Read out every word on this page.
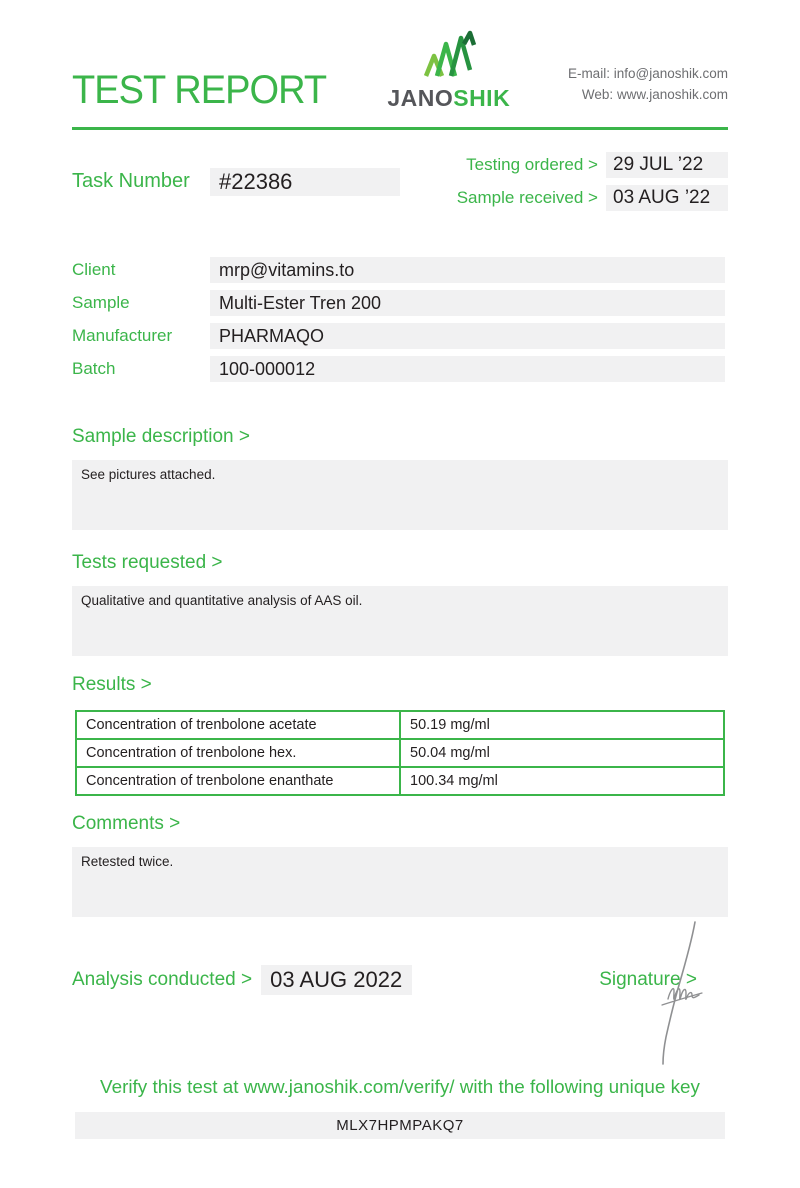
TEST REPORT	JANOSHIK
E-mail: info@janoshik.com
Web: www.janoshik.com
Task Number	#22386
Testing ordered > 29 JUL ’22
Sample received > 03 AUG ’22
Client	mrp@vitamins.to
Sample	Multi-Ester Tren 200
Manufacturer	PHARMAQO
Batch	100-000012
Sample description >
See pictures attached.
Tests requested >
Qualitative and quantitative analysis of AAS oil.
Results >
Concentration of trenbolone acetate	50.19 mg/ml
Concentration of trenbolone hex.	50.04 mg/ml
Concentration of trenbolone enanthate	100.34 mg/ml
Comments >
Retested twice.
Analysis conducted > 03 AUG 2022	Signature >
Verify this test at www.janoshik.com/verify/ with the following unique key
MLX7HPMPAKQ7
